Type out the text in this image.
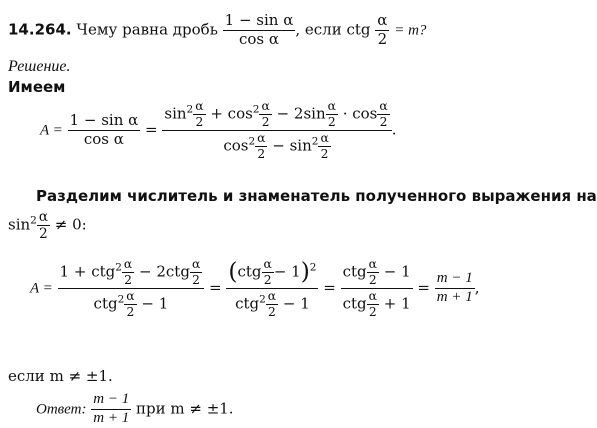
14.264. Чему равна дробь $\frac{\text{1 − sin α}}{\text{cos α}}$ , если ctg $\frac{\alpha}{2} = m$?
Решение.
Имеем
$A = \frac{\text{1 − sin α}}{\text{cos α}} = \frac{\sin^2 \frac{\alpha}{2} + \cos^2 \frac{\alpha}{2} - 2\sin \frac{\alpha}{2} \cdot \cos \frac{\alpha}{2}}{\cos^2 \frac{\alpha}{2} - \sin^2 \frac{\alpha}{2}}$ .
Разделим числитель и знаменатель полученного выражения на
$\sin^2 \frac{\alpha}{2} \ne 0$:
$A = \frac{1 + ctg^2 \frac{\alpha}{2} - 2ctg \frac{\alpha}{2}}{ctg^2 \frac{\alpha}{2} - 1} = \frac{(ctg \frac{\alpha}{2} - 1)^2}{ctg^2 \frac{\alpha}{2} - 1} = \frac{ctg \frac{\alpha}{2} - 1}{ctg \frac{\alpha}{2} + 1} = \frac{m - 1}{m + 1}$ ,
если m ≠ ±1.
Ответ: $\frac{m - 1}{m + 1}$ при m ≠ ±1.
